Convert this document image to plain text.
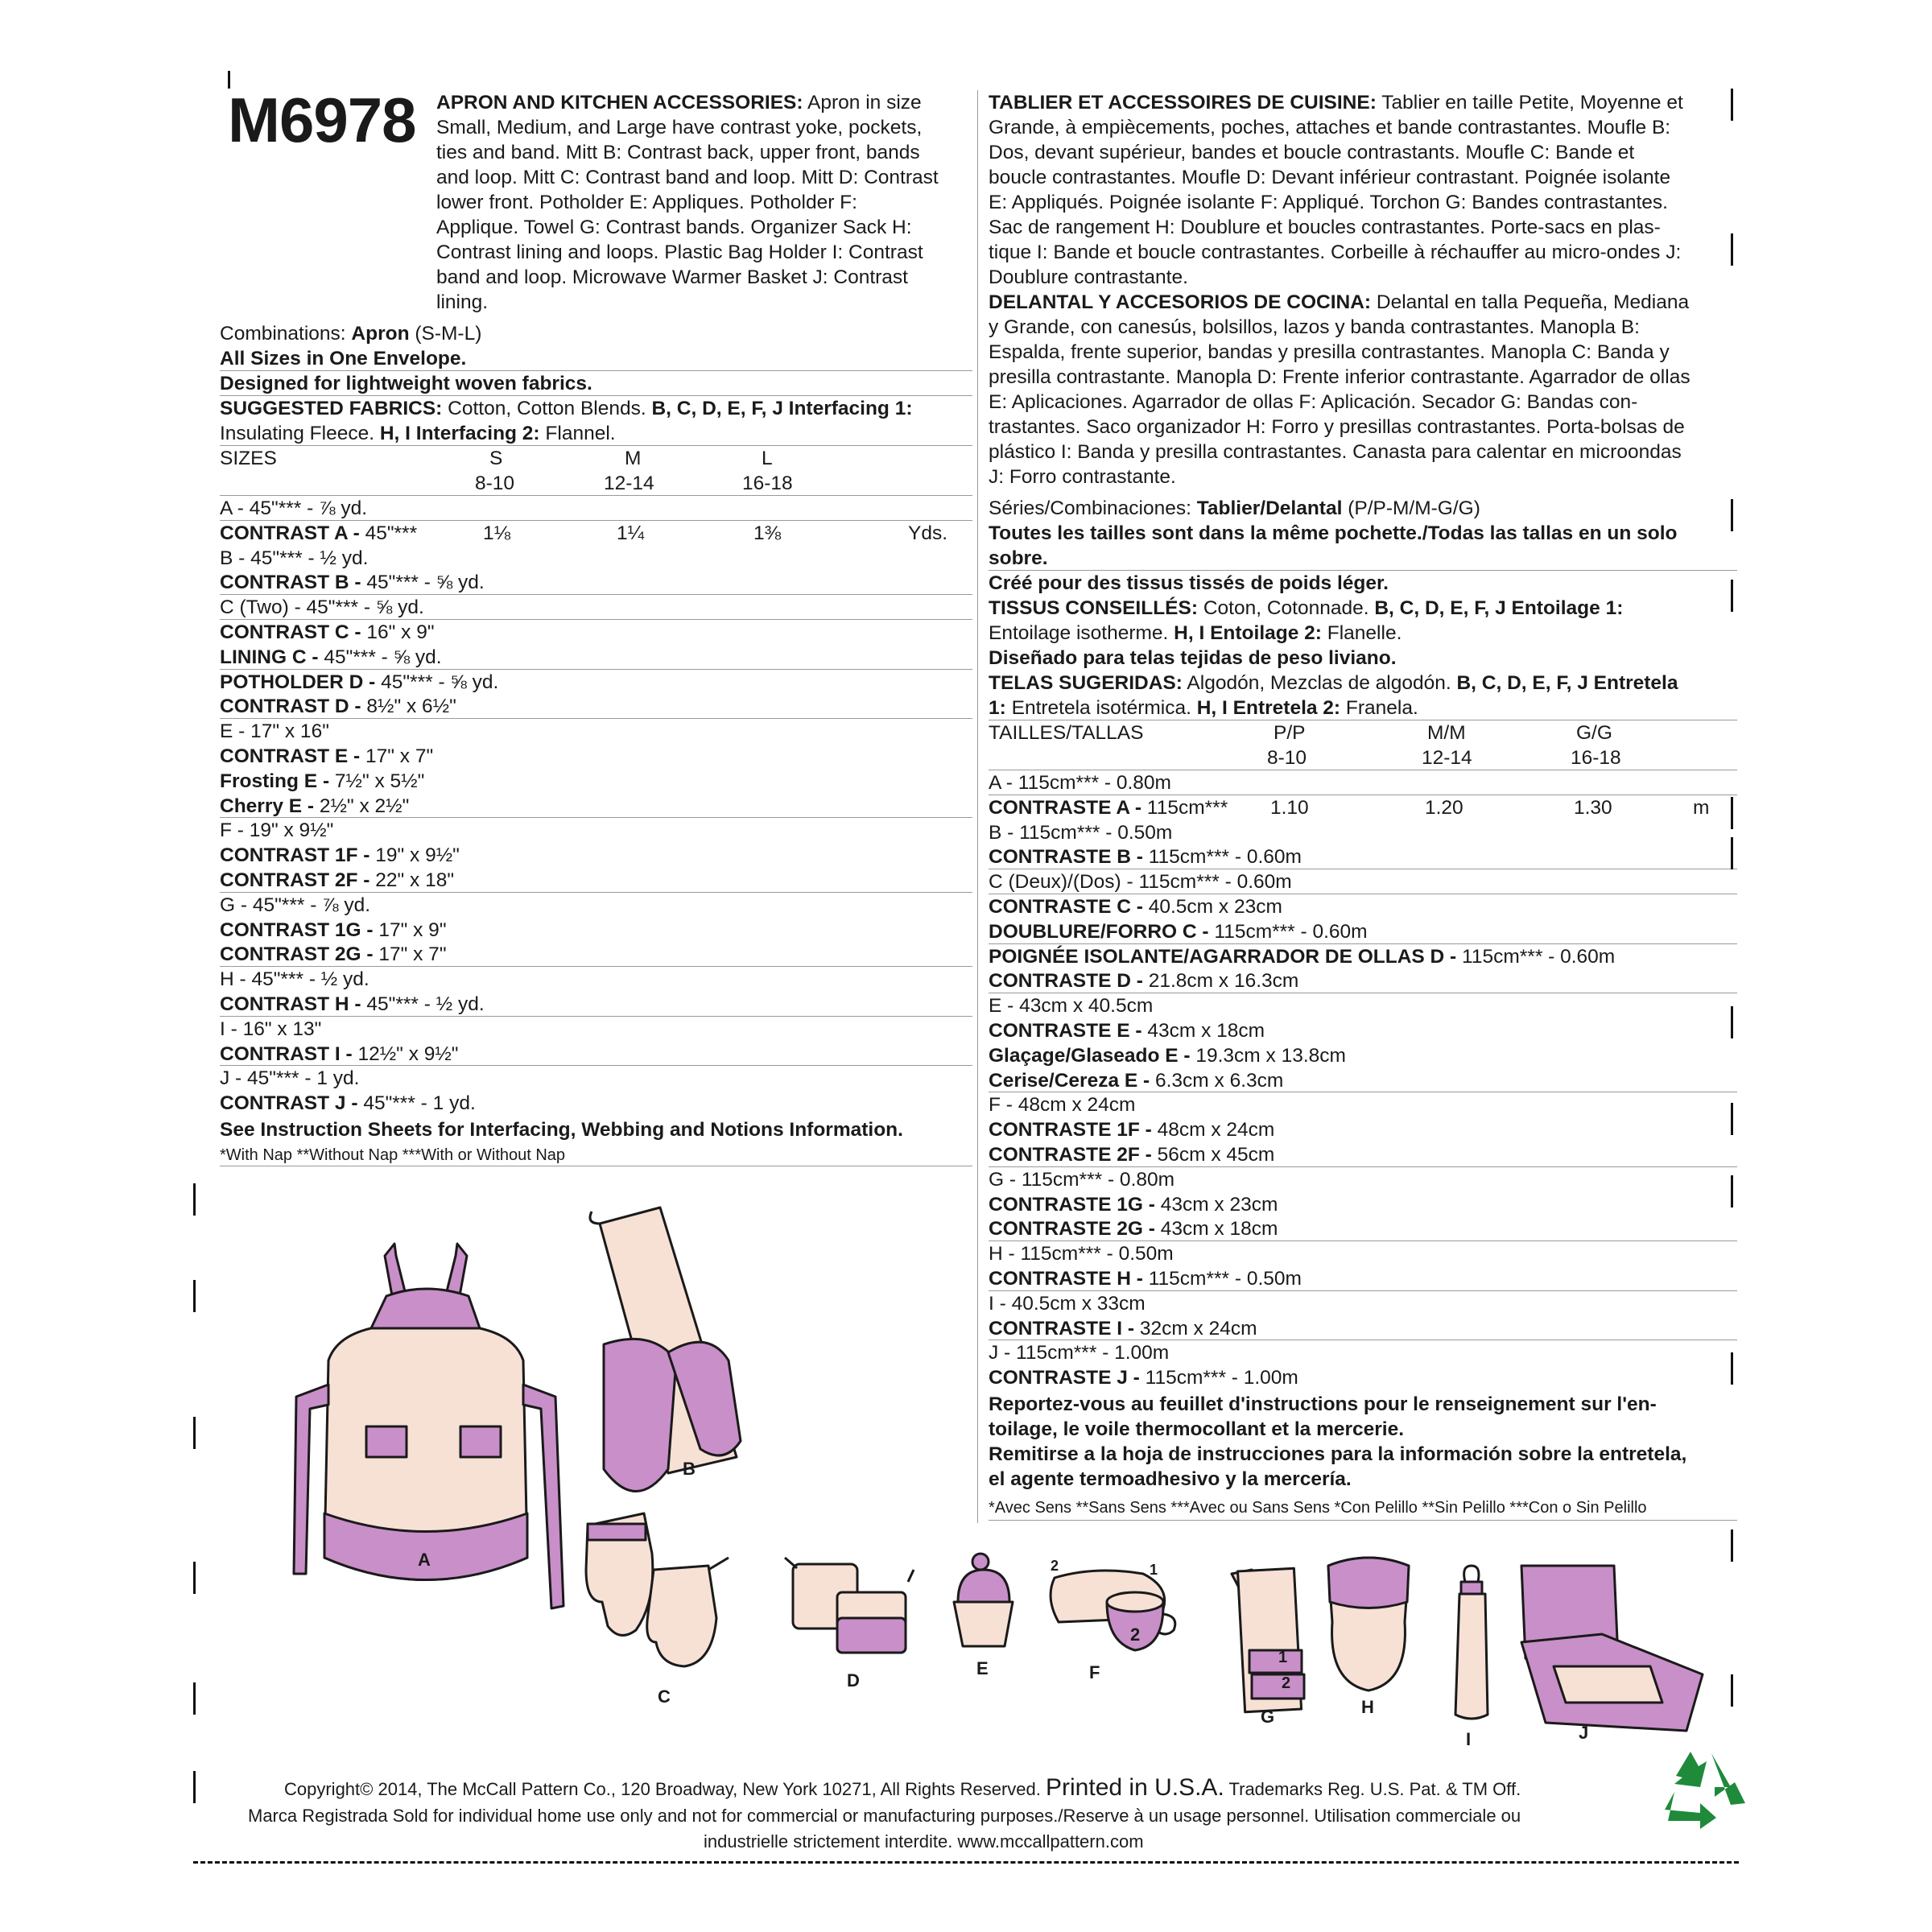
M6978 APRON AND KITCHEN ACCESSORIES: Apron in size

Small, Medium, and Large have contrast yoke, pockets,

ties and band. Mitt B: Contrast back, upper front, bands

and loop. Mitt C: Contrast band and loop. Mitt D: Contrast

lower front. Potholder E: Appliques. Potholder F:

Applique. Towel G: Contrast bands. Organizer Sack H:

Contrast lining and loops. Plastic Bag Holder I: Contrast

band and loop. Microwave Warmer Basket J: Contrast

lining.

Combinations: Apron (S-M-L)
All Sizes in One Envelope.
Designed for lightweight woven fabrics.
SUGGESTED FABRICS: Cotton, Cotton Blends. B, C, D, E, F, J Interfacing 1:
Insulating Fleece. H, I Interfacing 2: Flannel.
SIZES	S	M	L
8-10	12-14	16-18
A - 45"*** - ⅞ yd.
CONTRAST A - 45"***	1⅛	1¼	1⅜	Yds.
B - 45"*** - ½ yd.
CONTRAST B - 45"*** - ⅝ yd.
C (Two) - 45"*** - ⅝ yd.
CONTRAST C - 16" x 9"
LINING C - 45"*** - ⅝ yd.
POTHOLDER D - 45"*** - ⅝ yd.
CONTRAST D - 8½" x 6½"
E - 17" x 16"
CONTRAST E - 17" x 7"
Frosting E - 7½" x 5½"
Cherry E - 2½" x 2½"
F - 19" x 9½"
CONTRAST 1F - 19" x 9½"
CONTRAST 2F - 22" x 18"
G - 45"*** - ⅞ yd.
CONTRAST 1G - 17" x 9"
CONTRAST 2G - 17" x 7"
H - 45"*** - ½ yd.
CONTRAST H - 45"*** - ½ yd.
I - 16" x 13"
CONTRAST I - 12½" x 9½"
J - 45"*** - 1 yd.
CONTRAST J - 45"*** - 1 yd.
See Instruction Sheets for Interfacing, Webbing and Notions Information.
*With Nap **Without Nap ***With or Without Nap

TABLIER ET ACCESSOIRES DE CUISINE: Tablier en taille Petite, Moyenne et

Grande, à empiècements, poches, attaches et bande contrastantes. Moufle B:

Dos, devant supérieur, bandes et boucle contrastants. Moufle C: Bande et

boucle contrastantes. Moufle D: Devant inférieur contrastant. Poignée isolante

E: Appliqués. Poignée isolante F: Appliqué. Torchon G: Bandes contrastantes.

Sac de rangement H: Doublure et boucles contrastantes. Porte-sacs en plas-

tique I: Bande et boucle contrastantes. Corbeille à réchauffer au micro-ondes J:

Doublure contrastante.

DELANTAL Y ACCESORIOS DE COCINA: Delantal en talla Pequeña, Mediana

y Grande, con canesús, bolsillos, lazos y banda contrastantes. Manopla B:

Espalda, frente superior, bandas y presilla contrastantes. Manopla C: Banda y

presilla contrastante. Manopla D: Frente inferior contrastante. Agarrador de ollas

E: Aplicaciones. Agarrador de ollas F: Aplicación. Secador G: Bandas con-

trastantes. Saco organizador H: Forro y presillas contrastantes. Porta-bolsas de

plástico I: Banda y presilla contrastantes. Canasta para calentar en microondas

J: Forro contrastante.

Séries/Combinaciones: Tablier/Delantal (P/P-M/M-G/G)
Toutes les tailles sont dans la même pochette./Todas las tallas en un solo
sobre.
Créé pour des tissus tissés de poids léger.
TISSUS CONSEILLÉS: Coton, Cotonnade. B, C, D, E, F, J Entoilage 1:
Entoilage isotherme. H, I Entoilage 2: Flanelle.
Diseñado para telas tejidas de peso liviano.
TELAS SUGERIDAS: Algodón, Mezclas de algodón. B, C, D, E, F, J Entretela
1: Entretela isotérmica. H, I Entretela 2: Franela.
TAILLES/TALLAS	P/P	M/M	G/G
8-10	12-14	16-18
A - 115cm*** - 0.80m
CONTRASTE A - 115cm*** 1.10	1.20	1.30	m
B - 115cm*** - 0.50m
CONTRASTE B - 115cm*** - 0.60m
C (Deux)/(Dos) - 115cm*** - 0.60m
CONTRASTE C - 40.5cm x 23cm
DOUBLURE/FORRO C - 115cm*** - 0.60m
POIGNÉE ISOLANTE/AGARRADOR DE OLLAS D - 115cm*** - 0.60m
CONTRASTE D - 21.8cm x 16.3cm
E - 43cm x 40.5cm
CONTRASTE E - 43cm x 18cm
Glaçage/Glaseado E - 19.3cm x 13.8cm
Cerise/Cereza E - 6.3cm x 6.3cm
F - 48cm x 24cm
CONTRASTE 1F - 48cm x 24cm
CONTRASTE 2F - 56cm x 45cm
G - 115cm*** - 0.80m
CONTRASTE 1G - 43cm x 23cm
CONTRASTE 2G - 43cm x 18cm
H - 115cm*** - 0.50m
CONTRASTE H - 115cm*** - 0.50m
I - 40.5cm x 33cm
CONTRASTE I - 32cm x 24cm
J - 115cm*** - 1.00m
CONTRASTE J - 115cm*** - 1.00m
Reportez-vous au feuillet d'instructions pour le renseignement sur l'en-
toilage, le voile thermocollant et la mercerie.
Remitirse a la hoja de instrucciones para la información sobre la entretela,
el agente termoadhesivo y la mercería.
*Avec Sens **Sans Sens ***Avec ou Sans Sens *Con Pelillo **Sin Pelillo ***Con o Sin Pelillo
A
B
C
D
E	F
1
2
2
G
1
2
H
I	J
Copyright© 2014, The McCall Pattern Co., 120 Broadway, New York 10271, All Rights Reserved. Printed in U.S.A. Trademarks Reg. U.S. Pat. & TM Off.
Marca Registrada Sold for individual home use only and not for commercial or manufacturing purposes./Reserve à un usage personnel. Utilisation commerciale ou
industrielle strictement interdite. www.mccallpattern.com
